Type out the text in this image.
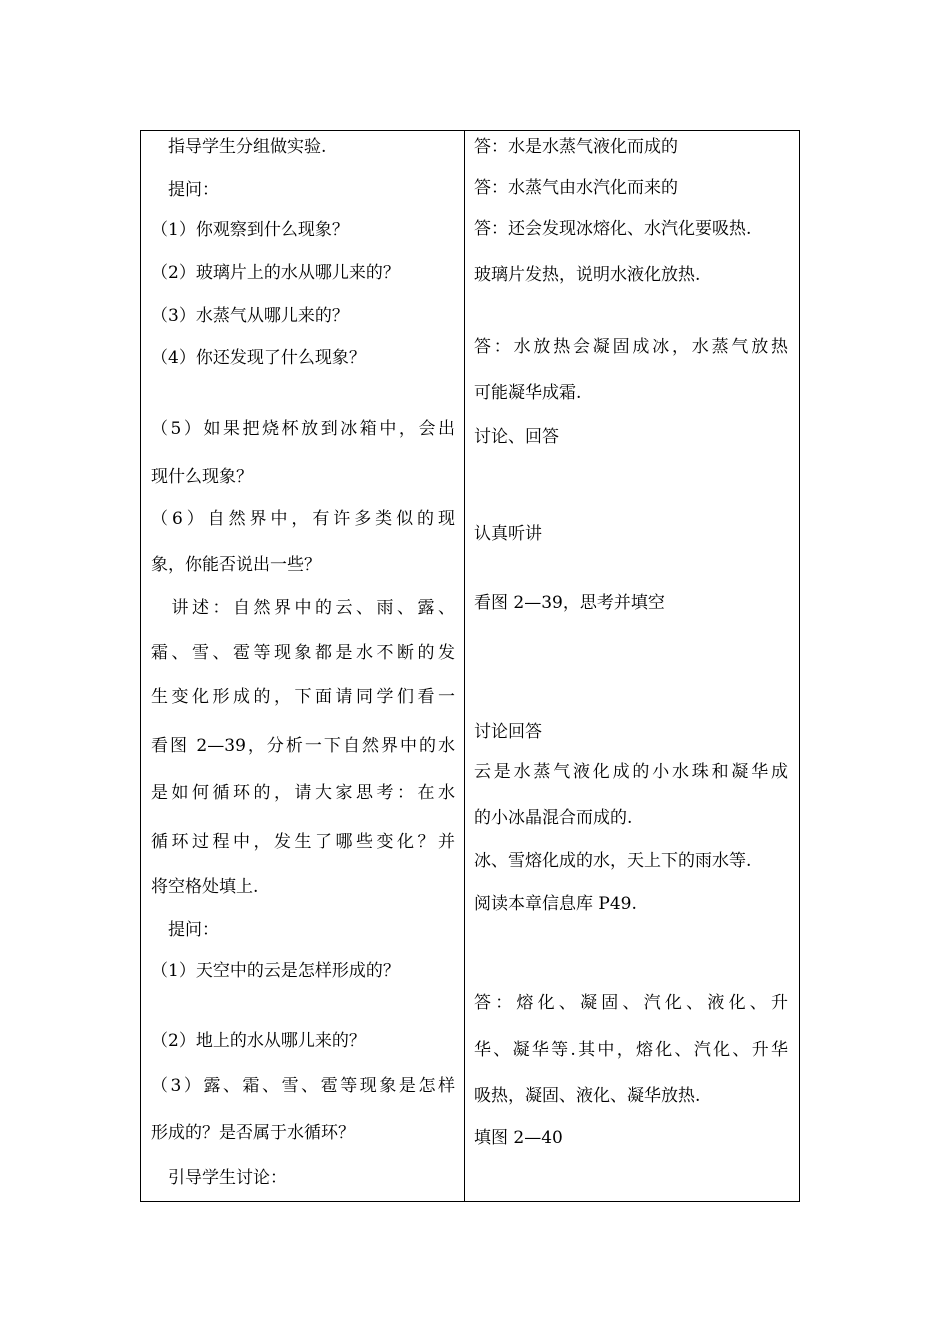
　指导学生分组做实验.
　提问：
（1）你观察到什么现象？
（2）玻璃片上的水从哪儿来的？
（3）水蒸气从哪儿来的？
（4）你还发现了什么现象？
（5）如果把烧杯放到冰箱中，会出
现什么现象？
（6）自然界中，有许多类似的现
象，你能否说出一些？
　讲述：自然界中的云、雨、露、
霜、雪、雹等现象都是水不断的发
生变化形成的，下面请同学们看一
看图 2—39，分析一下自然界中的水
是如何循环的，请大家思考：在水
循环过程中，发生了哪些变化？并
将空格处填上.
　提问：
（1）天空中的云是怎样形成的？
（2）地上的水从哪儿来的？
（3）露、霜、雪、雹等现象是怎样
形成的？是否属于水循环？
　引导学生讨论：
答：水是水蒸气液化而成的
答：水蒸气由水汽化而来的
答：还会发现冰熔化、水汽化要吸热.
玻璃片发热，说明水液化放热.
答：水放热会凝固成冰，水蒸气放热
可能凝华成霜.
讨论、回答
认真听讲
看图 2—39，思考并填空
讨论回答
云是水蒸气液化成的小水珠和凝华成
的小冰晶混合而成的.
冰、雪熔化成的水，天上下的雨水等.
阅读本章信息库 P49.
答：熔化、凝固、汽化、液化、升
华、凝华等.其中，熔化、汽化、升华
吸热，凝固、液化、凝华放热.
填图 2—40
